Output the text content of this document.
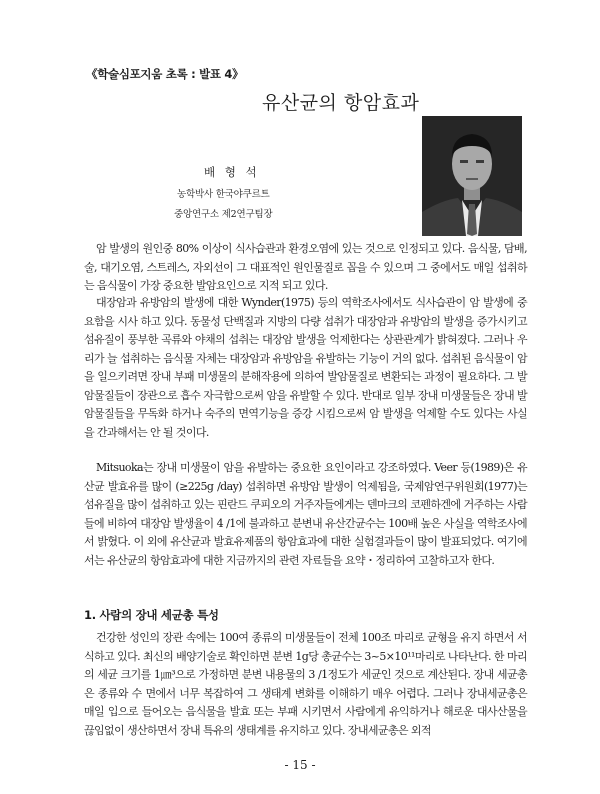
《학술심포지움 초록 : 발표 4》
유산균의 항암효과
배 형 석
농학박사 한국야쿠르트
중앙연구소 제2연구팀장

암 발생의 원인중 80% 이상이 식사습관과 환경오염에 있는 것으로 인정되고 있다. 음식물, 담배, 술, 대기오염, 스트레스, 자외선이 그 대표적인 원인물질로 꼽을 수 있으며 그 중에서도 매일 섭취하는 음식물이 가장 중요한 발암요인으로 지적 되고 있다.

대장암과 유방암의 발생에 대한 Wynder(1975) 등의 역학조사에서도 식사습관이 암 발생에 중요함을 시사 하고 있다. 동물성 단백질과 지방의 다량 섭취가 대장암과 유방암의 발생을 증가시키고 섬유질이 풍부한 곡류와 야채의 섭취는 대장암 발생을 억제한다는 상관관계가 밝혀졌다. 그러나 우리가 늘 섭취하는 음식물 자체는 대장암과 유방암을 유발하는 기능이 거의 없다. 섭취된 음식물이 암을 일으키려면 장내 부패 미생물의 분해작용에 의하여 발암물질로 변환되는 과정이 필요하다. 그 발암물질들이 장관으로 흡수 자극함으로써 암을 유발할 수 있다. 반대로 일부 장내 미생물들은 장내 발암물질들을 무독화 하거나 숙주의 면역기능을 증강 시킴으로써 암 발생을 억제할 수도 있다는 사실을 간과해서는 안 될 것이다.

Mitsuoka는 장내 미생물이 암을 유발하는 중요한 요인이라고 강조하였다. Veer 등(1989)은 유산균 발효유를 많이 (≥225g /day) 섭취하면 유방암 발생이 억제됨을, 국제암연구위원회(1977)는 섬유질을 많이 섭취하고 있는 핀란드 쿠피오의 거주자들에게는 덴마크의 코펜하겐에 거주하는 사람들에 비하여 대장암 발생율이 4 /1에 불과하고 분변내 유산간균수는 100배 높은 사실을 역학조사에서 밝혔다. 이 외에 유산균과 발효유제품의 항암효과에 대한 실험결과들이 많이 발표되었다. 여기에서는 유산균의 항암효과에 대한 지금까지의 관련 자료들을 요약・정리하여 고찰하고자 한다.

1. 사람의 장내 세균총 특성

건강한 성인의 장관 속에는 100여 종류의 미생물들이 전체 100조 마리로 균형을 유지 하면서 서식하고 있다. 최신의 배양기술로 확인하면 분변 1g당 총균수는 3~5×10¹¹마리로 나타난다. 한 마리의 세균 크기를 1㎛³으로 가정하면 분변 내용물의 3 /1정도가 세균인 것으로 계산된다. 장내 세균총은 종류와 수 면에서 너무 복잡하여 그 생태계 변화를 이해하기 매우 어렵다. 그러나 장내세균총은 매일 입으로 들어오는 음식물을 발효 또는 부패 시키면서 사람에게 유익하거나 해로운 대사산물을 끊임없이 생산하면서 장내 특유의 생태계를 유지하고 있다. 장내세균총은 외적

- 15 -
